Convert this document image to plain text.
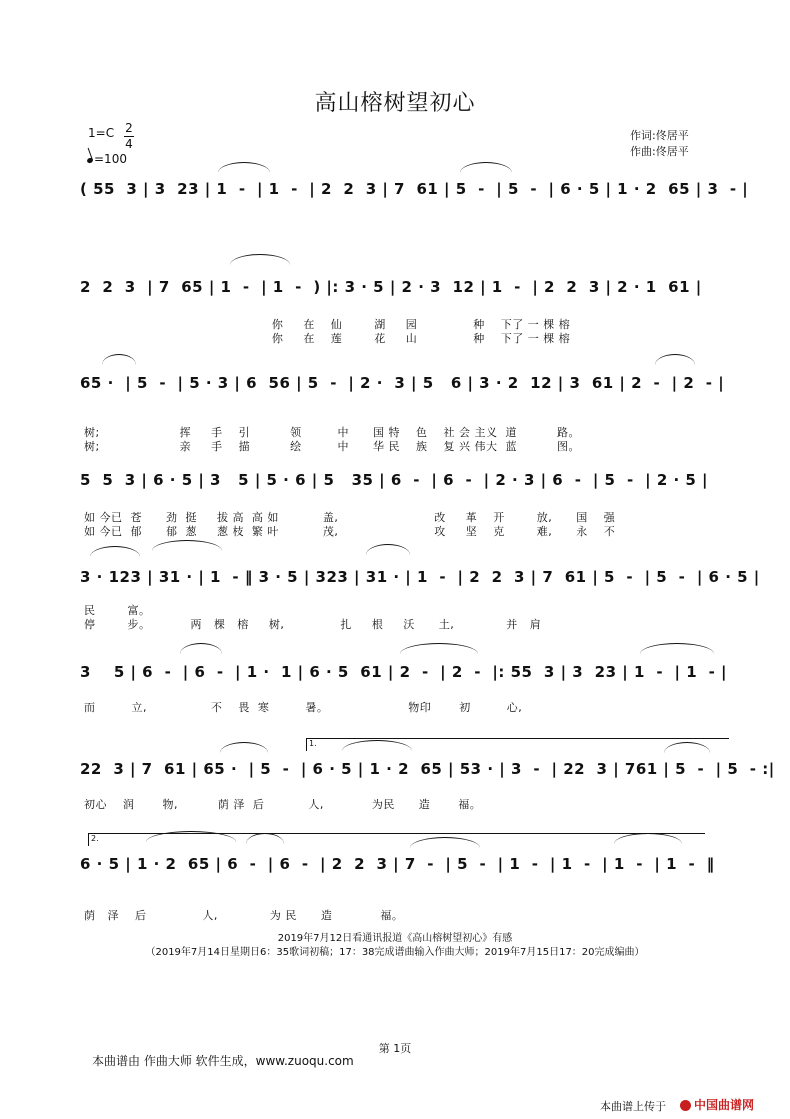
高山榕树望初心
$1=C \frac{2}{4}$
=100
作词:佟居平
作曲:佟居平
( 55  3 | 3  23 | 1  -  | 1  -  | 2  2  3 | 7  61 | 5  -  | 5  -  | 6 · 5 | 1 · 2  65 | 3  - |
2  2  3  | 7  65 | 1  -  | 1  -  ) |: 3 · 5 | 2 · 3  12 | 1  -  | 2  2  3 | 2 · 1  61 |
你     在    仙        湖     园              种    下了 一 棵 榕
你     在    莲        花     山              种    下了 一 棵 榕
65 ·  | 5  -  | 5 · 3 | 6  56 | 5  -  | 2 ·  3 | 5   6 | 3 · 2  12 | 3  61 | 2  -  | 2  - |
树;                    挥     手    引          领         中      国 特    色    社 会 主义  道          路。
树;                    亲     手    描          绘         中      华 民    族    复 兴 伟大  蓝          图。
5  5  3 | 6 · 5 | 3   5 | 5 · 6 | 5   35 | 6  -  | 6  -  | 2 · 3 | 6  -  | 5  -  | 2 · 5 |
如 今已  苍      劲  挺     拔 高  高 如           盖,                        改     革    开        放,      国    强
如 今已  郁      郁  葱     葱 枝  繁 叶           茂,                        攻     坚    克        难,      永    不
3 · 123 | 31 · | 1  - ‖ 3 · 5 | 323 | 31 · | 1  -  | 2  2  3 | 7  61 | 5  -  | 5  -  | 6 · 5 |
民        富。
停        步。          两   棵   榕     树,              扎     根     沃      土,             并   肩
3    5 | 6  -  | 6  -  | 1 ·  1 | 6 · 5  61 | 2  -  | 2  -  |: 55  3 | 3  23 | 1  -  | 1  - |
而         立,                不    畏  寒         暑。                    物印       初         心,
1.
22  3 | 7  61 | 65 ·  | 5  -  | 6 · 5 | 1 · 2  65 | 53 · | 3  -  | 22  3 | 761 | 5  -  | 5  - :|
初心    润       物,          荫 泽  后           人,            为民      造       福。
2.
6 · 5 | 1 · 2  65 | 6  -  | 6  -  | 2  2  3 | 7  -  | 5  -  | 1  -  | 1  -  | 1  -  | 1  -  ‖
荫   泽    后              人,             为 民      造            福。
2019年7月12日看通讯报道《高山榕树望初心》有感
（2019年7月14日星期日6：35歌词初稿；17：38完成谱曲输入作曲大师；2019年7月15日17：20完成编曲）
第 1页
本曲谱由 作曲大师 软件生成，www.zuoqu.com
本曲谱上传于	中国曲谱网
